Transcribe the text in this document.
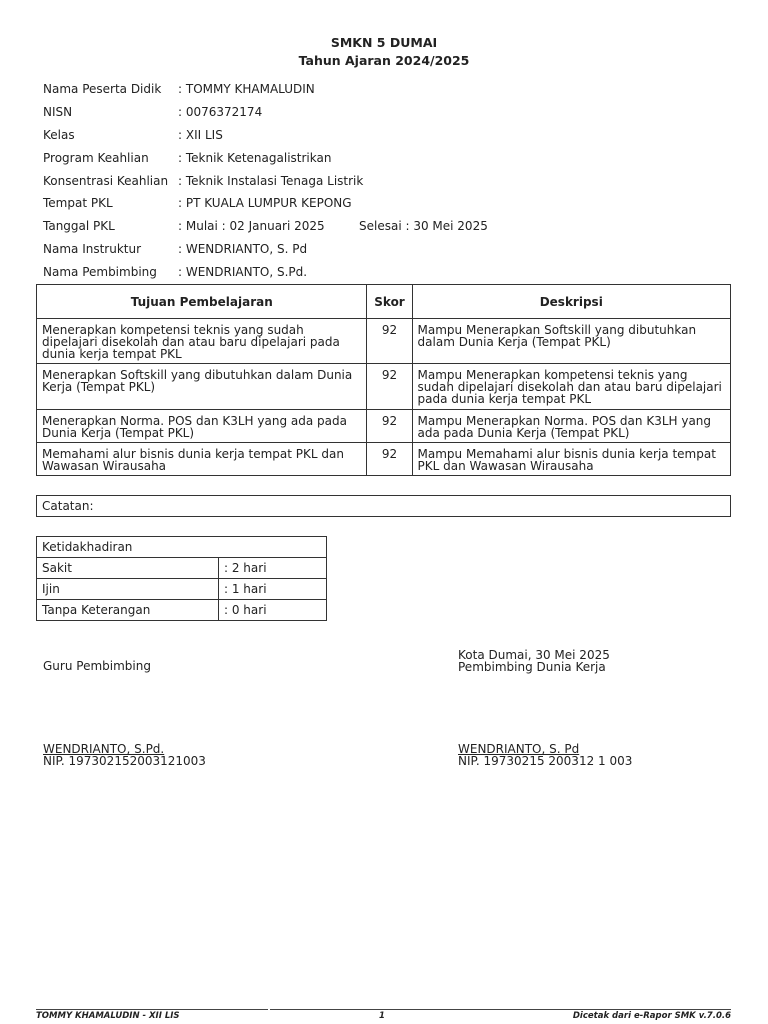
SMKN 5 DUMAI
Tahun Ajaran 2024/2025
Nama Peserta Didik : TOMMY KHAMALUDIN
NISN	: 0076372174
Kelas	: XII LIS
Program Keahlian : Teknik Ketenagalistrikan
Konsentrasi Keahlian : Teknik Instalasi Tenaga Listrik
Tempat PKL	: PT KUALA LUMPUR KEPONG
Tanggal PKL	: Mulai : 02 Januari 2025	Selesai : 30 Mei 2025
Nama Instruktur	: WENDRIANTO, S. Pd
Nama Pembimbing : WENDRIANTO, S.Pd.
Tujuan Pembelajaran	Skor	Deskripsi
Menerapkan kompetensi teknis yang sudah dipelajari disekolah dan atau baru dipelajari pada dunia kerja tempat PKL	92	Mampu Menerapkan Softskill yang dibutuhkan dalam Dunia Kerja (Tempat PKL)
Menerapkan Softskill yang dibutuhkan dalam Dunia Kerja (Tempat PKL)	92	Mampu Menerapkan kompetensi teknis yang sudah dipelajari disekolah dan atau baru dipelajari pada dunia kerja tempat PKL
Menerapkan Norma. POS dan K3LH yang ada pada Dunia Kerja (Tempat PKL)	92	Mampu Menerapkan Norma. POS dan K3LH yang ada pada Dunia Kerja (Tempat PKL)
Memahami alur bisnis dunia kerja tempat PKL dan Wawasan Wirausaha	92	Mampu Memahami alur bisnis dunia kerja tempat PKL dan Wawasan Wirausaha
Catatan:
Ketidakhadiran	
Sakit	: 2 hari
Ijin	: 1 hari
Tanpa Keterangan	: 0 hari
Guru Pembimbing
Kota Dumai, 30 Mei 2025
Pembimbing Dunia Kerja
WENDRIANTO, S.Pd.
NIP. 197302152003121003
WENDRIANTO, S. Pd
NIP. 19730215 200312 1 003
TOMMY KHAMALUDIN - XII LIS	1	Dicetak dari e-Rapor SMK v.7.0.6
